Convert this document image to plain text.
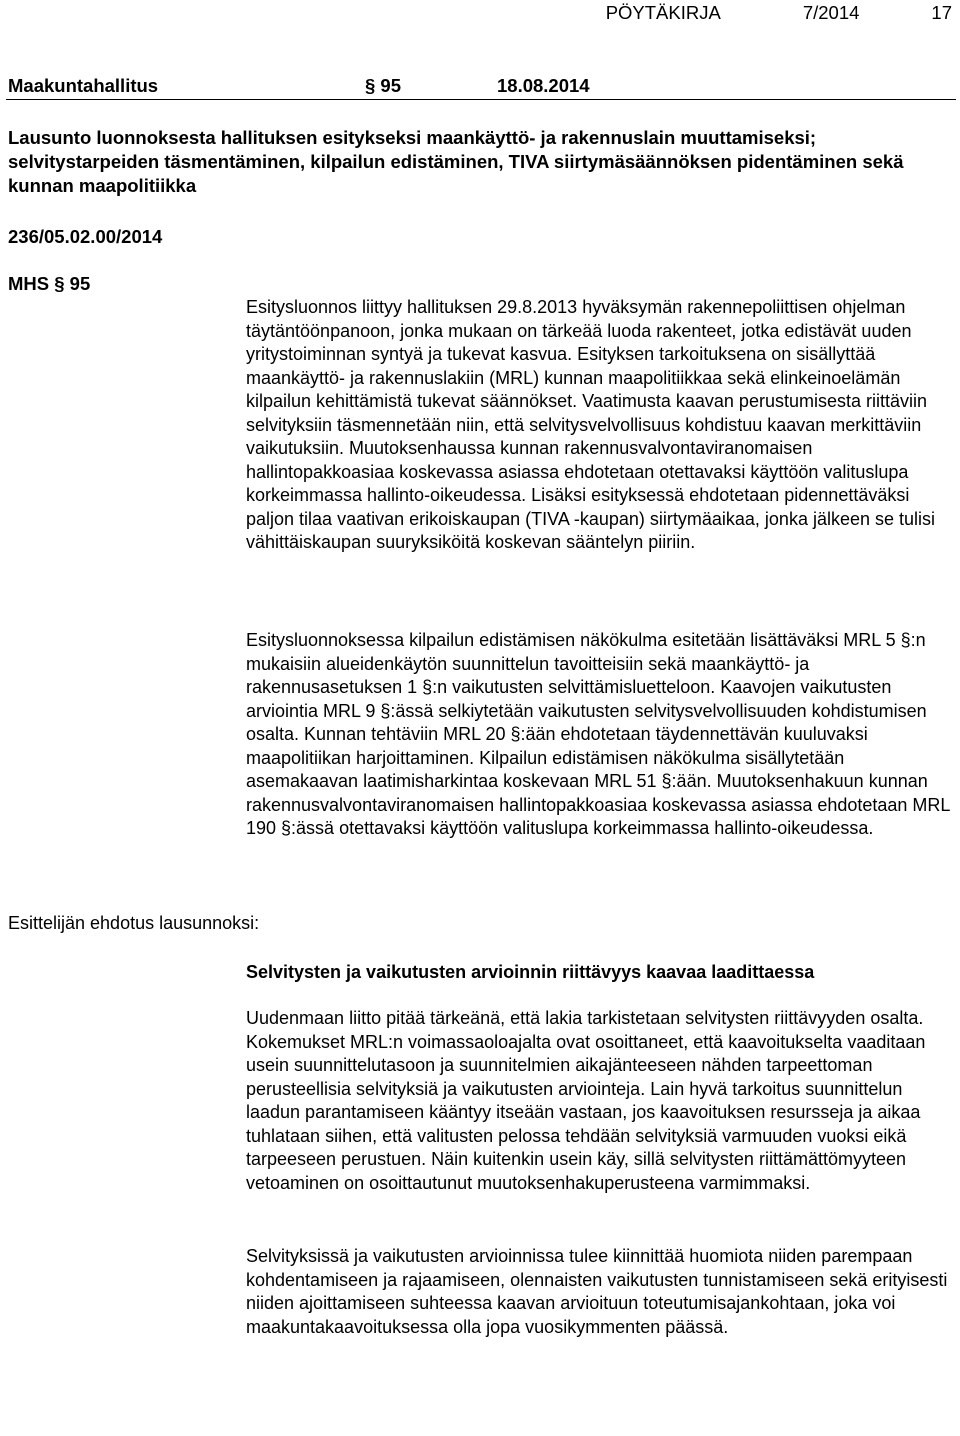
PÖYTÄKIRJA	7/2014	17

Maakuntahallitus

	§ 95

	18.08.2014

Lausunto luonnoksesta hallituksen esitykseksi maankäyttö- ja rakennuslain muuttamiseksi; selvitystarpeiden täsmentäminen, kilpailun edistäminen, TIVA siirtymäsäännöksen pidentäminen sekä kunnan maapolitiikka
236/05.02.00/2014
MHS § 95
Esittelijän ehdotus lausunnoksi:
Esitysluonnos liittyy hallituksen 29.8.2013 hyväksymän rakennepoliittisen ohjelman täytäntöönpanoon, jonka mukaan on tärkeää luoda rakenteet, jotka edistävät uuden yritystoiminnan syntyä ja tukevat kasvua. Esityksen tarkoituksena on sisällyttää maankäyttö- ja rakennuslakiin (MRL) kunnan maapolitiikkaa sekä elinkeinoelämän kilpailun kehittämistä tukevat säännökset. Vaatimusta kaavan perustumisesta riittäviin selvityksiin täsmennetään niin, että selvitysvelvollisuus kohdistuu kaavan merkittäviin vaikutuksiin. Muutoksenhaussa kunnan rakennusvalvontaviranomaisen hallintopakkoasiaa koskevassa asiassa ehdotetaan otettavaksi käyttöön valituslupa korkeimmassa hallinto-oikeudessa. Lisäksi esityksessä ehdotetaan pidennettäväksi paljon tilaa vaativan erikoiskaupan (TIVA -kaupan) siirtymäaikaa, jonka jälkeen se tulisi vähittäiskaupan suuryksiköitä koskevan sääntelyn piiriin.
Esitysluonnoksessa kilpailun edistämisen näkökulma esitetään lisättäväksi MRL 5 §:n mukaisiin alueidenkäytön suunnittelun tavoitteisiin sekä maankäyttö- ja rakennusasetuksen 1 §:n vaikutusten selvittämisluetteloon. Kaavojen vaikutusten arviointia MRL 9 §:ässä selkiytetään vaikutusten selvitysvelvollisuuden kohdistumisen osalta. Kunnan tehtäviin MRL 20 §:ään ehdotetaan täydennettävän kuuluvaksi maapolitiikan harjoittaminen. Kilpailun edistämisen näkökulma sisällytetään asemakaavan laatimisharkintaa koskevaan MRL 51 §:ään. Muutoksenhakuun kunnan rakennusvalvontaviranomaisen hallintopakkoasiaa koskevassa asiassa ehdotetaan MRL 190 §:ässä otettavaksi käyttöön valituslupa korkeimmassa hallinto-oikeudessa.
Selvitysten ja vaikutusten arvioinnin riittävyys kaavaa laadittaessa
Uudenmaan liitto pitää tärkeänä, että lakia tarkistetaan selvitysten riittävyyden osalta. Kokemukset MRL:n voimassaoloajalta ovat osoittaneet, että kaavoitukselta vaaditaan usein suunnittelutasoon ja suunnitelmien aikajänteeseen nähden tarpeettoman perusteellisia selvityksiä ja vaikutusten arviointeja. Lain hyvä tarkoitus suunnittelun laadun parantamiseen kääntyy itseään vastaan, jos kaavoituksen resursseja ja aikaa tuhlataan siihen, että valitusten pelossa tehdään selvityksiä varmuuden vuoksi eikä tarpeeseen perustuen. Näin kuitenkin usein käy, sillä selvitysten riittämättömyyteen vetoaminen on osoittautunut muutoksenhakuperusteena varmimmaksi.
Selvityksissä ja vaikutusten arvioinnissa tulee kiinnittää huomiota niiden parempaan kohdentamiseen ja rajaamiseen, olennaisten vaikutusten tunnistamiseen sekä erityisesti niiden ajoittamiseen suhteessa kaavan arvioituun toteutumisajankohtaan, joka voi maakuntakaavoituksessa olla jopa vuosikymmenten päässä.
